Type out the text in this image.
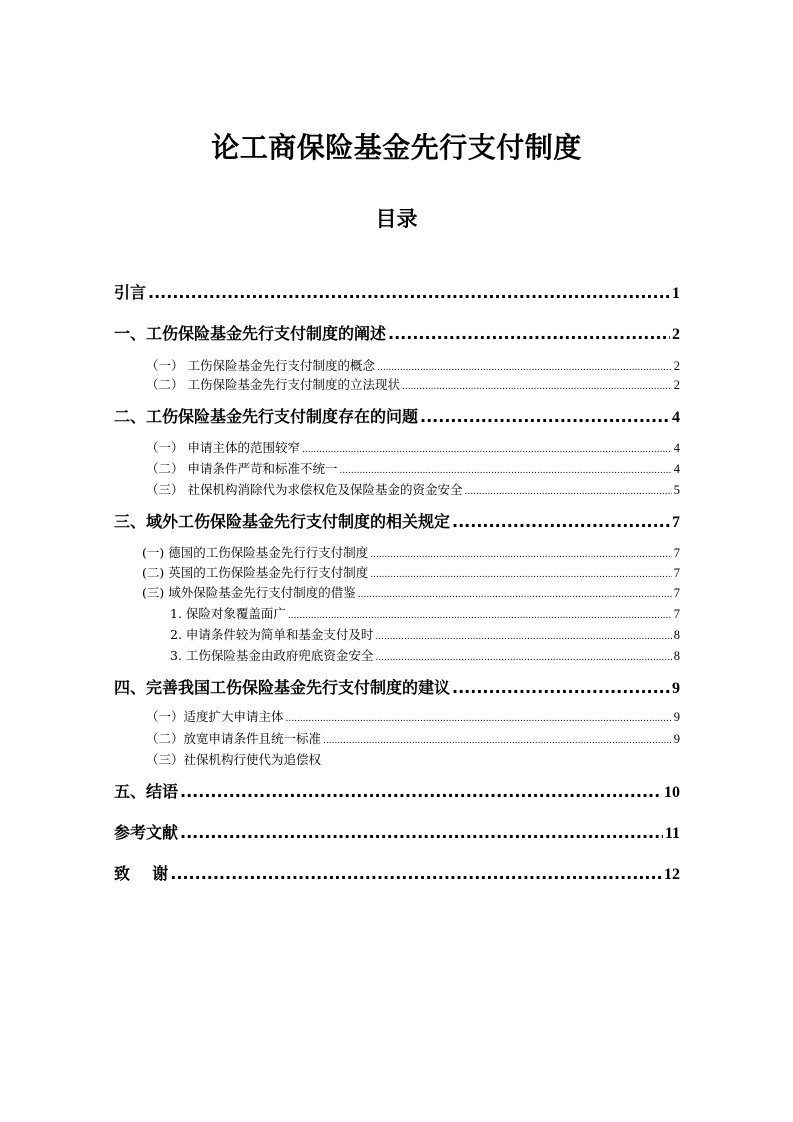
论工商保险基金先行支付制度
目录
引言 .....	1
一、工伤保险基金先行支付制度的阐述 .....	2
（一） 工伤保险基金先行支付制度的概念 .....	2
（二） 工伤保险基金先行支付制度的立法现状 .....	2
二、工伤保险基金先行支付制度存在的问题 .....	4
（一） 申请主体的范围较窄 .....	4
（二） 申请条件严苛和标准不统一 .....	4
（三） 社保机构消除代为求偿权危及保险基金的资金安全 .....	5
三、域外工伤保险基金先行支付制度的相关规定 .....	7
(一) 德国的工伤保险基金先行行支付制度 .....	7
(二) 英国的工伤保险基金先行行支付制度 .....	7
(三) 域外保险基金先行支付制度的借鉴 .....	7
1. 保险对象覆盖面广 .....	7
2. 申请条件较为简单和基金支付及时 .....	8
3. 工伤保险基金由政府兜底资金安全 .....	8
四、完善我国工伤保险基金先行支付制度的建议 .....	9
（一）适度扩大申请主体 .....	9
（二）放宽申请条件且统一标准 .....	9
（三）社保机构行使代为追偿权
五、结语 .....	10
参考文献 .....	11
致    谢 .....	12
